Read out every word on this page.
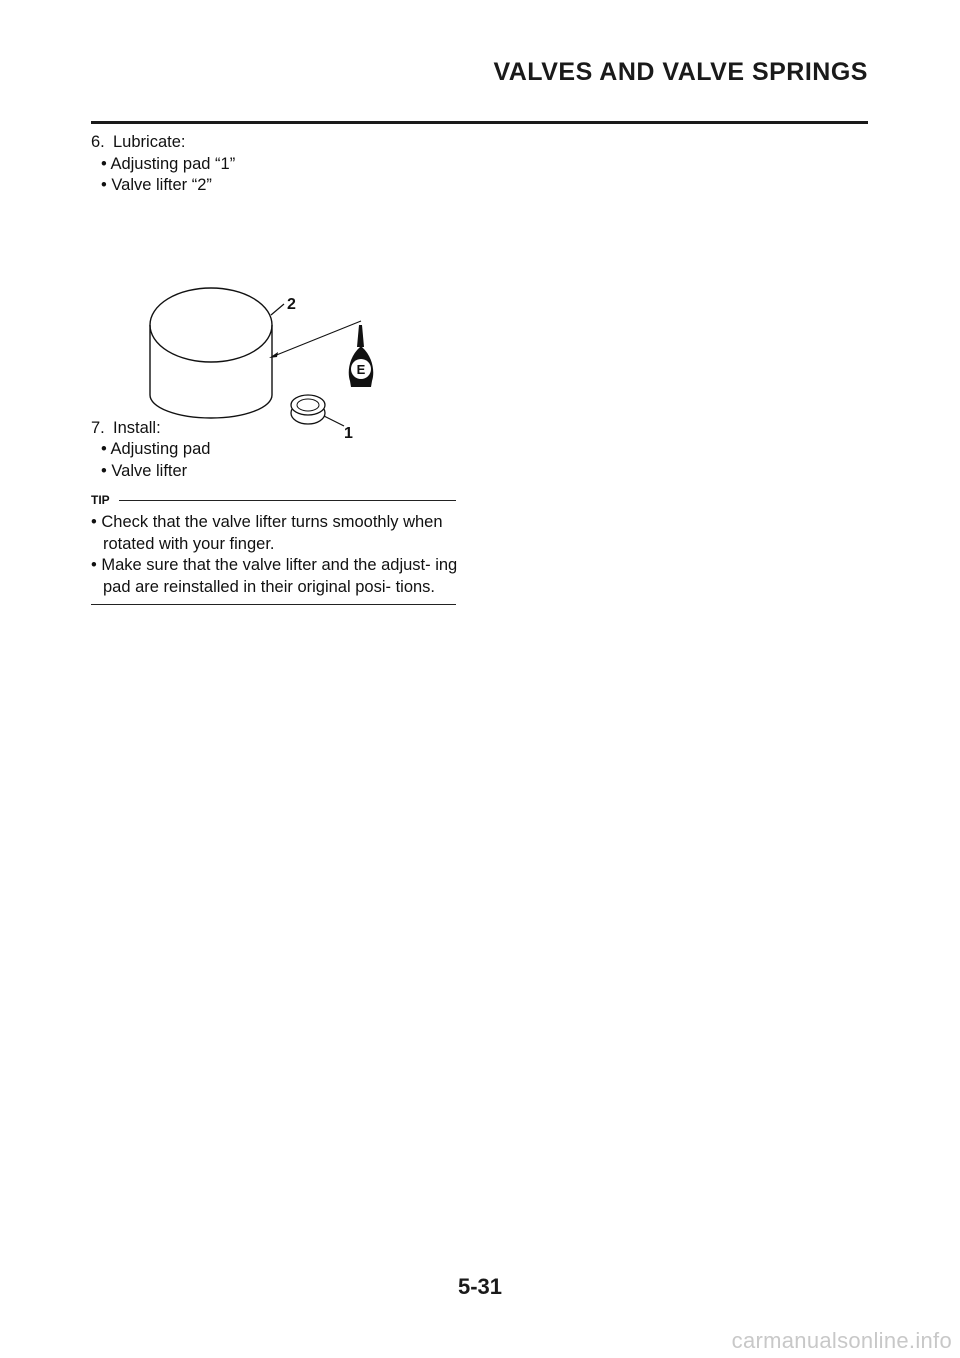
VALVES AND VALVE SPRINGS
6. Lubricate:
• Adjusting pad “1”
• Valve lifter “2”
E
2
1
7. Install:
• Adjusting pad
• Valve lifter
TIP
• Check that the valve lifter turns smoothly when rotated with your finger.
• Make sure that the valve lifter and the adjust- ing pad are reinstalled in their original posi- tions.
5-31
carmanualsonline.info
